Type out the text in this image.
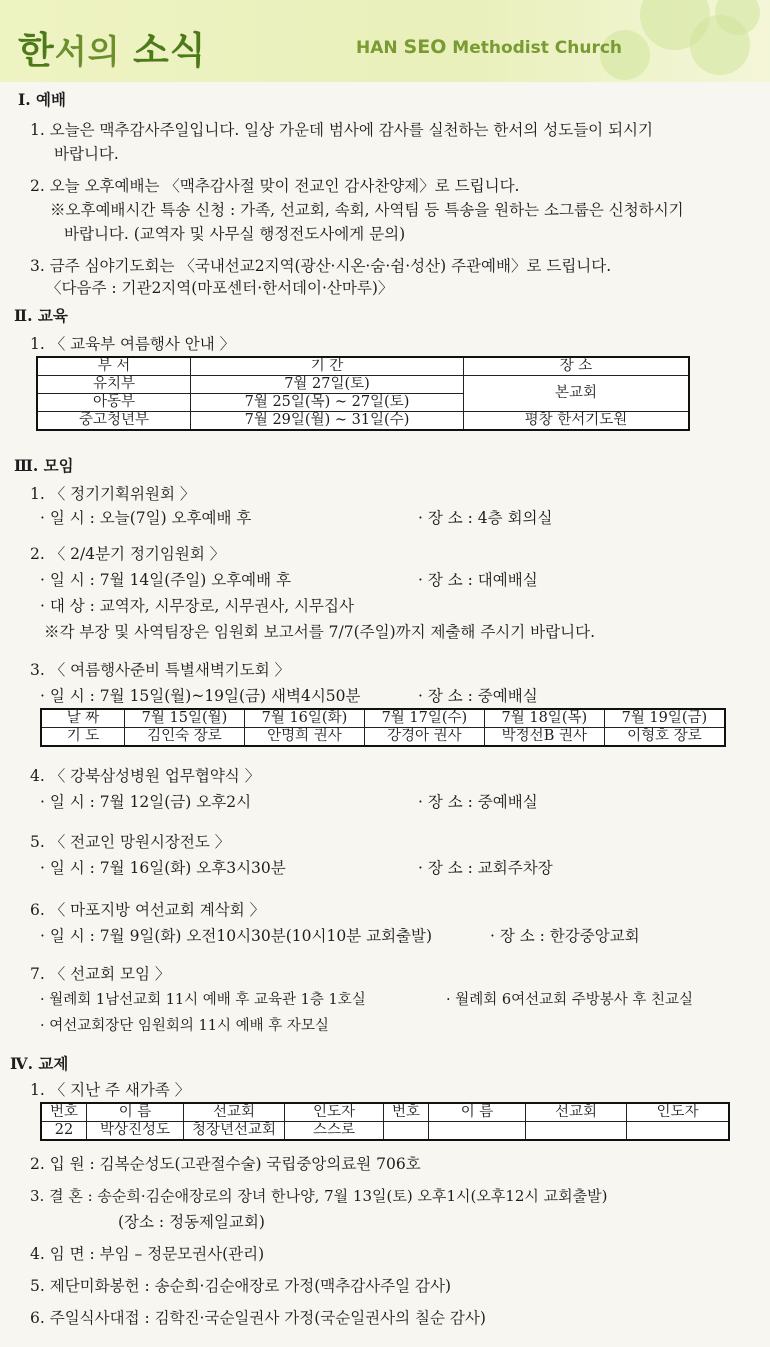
한서의 소식	HAN SEO Methodist Church
Ⅰ. 예배
1. 오늘은 맥추감사주일입니다. 일상 가운데 범사에 감사를 실천하는 한서의 성도들이 되시기
바랍니다.
2. 오늘 오후예배는 〈맥추감사절 맞이 전교인 감사찬양제〉로 드립니다.
※오후예배시간 특송 신청 : 가족, 선교회, 속회, 사역팀 등 특송을 원하는 소그룹은 신청하시기
바랍니다. (교역자 및 사무실 행정전도사에게 문의)
3. 금주 심야기도회는 〈국내선교2지역(광산·시온·숨·쉼·성산) 주관예배〉로 드립니다.
〈다음주 : 기관2지역(마포센터·한서데이·산마루)〉
Ⅱ. 교육
1. 〈 교육부 여름행사 안내 〉
부 서	기 간	장 소
유치부	7월 27일(토)	본교회
아동부	7월 25일(목) ~ 27일(토)	
중고청년부	7월 29일(월) ~ 31일(수)	평창 한서기도원
Ⅲ. 모임
1. 〈 정기기획위원회 〉
· 일 시 : 오늘(7일) 오후예배 후	· 장 소 : 4층 회의실
2. 〈 2/4분기 정기임원회 〉
· 일 시 : 7월 14일(주일) 오후예배 후	· 장 소 : 대예배실
· 대 상 : 교역자, 시무장로, 시무권사, 시무집사
※각 부장 및 사역팀장은 임원회 보고서를 7/7(주일)까지 제출해 주시기 바랍니다.
3. 〈 여름행사준비 특별새벽기도회 〉
· 일 시 : 7월 15일(월)~19일(금) 새벽4시50분	· 장 소 : 중예배실
날 짜	7월 15일(월)	7월 16일(화)	7월 17일(수)	7월 18일(목)	7월 19일(금)
기 도	김인숙 장로	안명희 권사	강경아 권사	박정선B 권사	이형호 장로
4. 〈 강북삼성병원 업무협약식 〉
· 일 시 : 7월 12일(금) 오후2시	· 장 소 : 중예배실
5. 〈 전교인 망원시장전도 〉
· 일 시 : 7월 16일(화) 오후3시30분	· 장 소 : 교회주차장
6. 〈 마포지방 여선교회 계삭회 〉
· 일 시 : 7월 9일(화) 오전10시30분(10시10분 교회출발)	· 장 소 : 한강중앙교회
7. 〈 선교회 모임 〉
· 월례회 1남선교회 11시 예배 후 교육관 1층 1호실	· 월례회 6여선교회 주방봉사 후 친교실
· 여선교회장단 임원회의 11시 예배 후 자모실
Ⅳ. 교제
1. 〈 지난 주 새가족 〉
번호	이 름	선교회	인도자	번호	이 름	선교회	인도자
22	박상진성도	청장년선교회	스스로				
2. 입 원 : 김복순성도(고관절수술) 국립중앙의료원 706호
3. 결 혼 : 송순희·김순애장로의 장녀 한나양, 7월 13일(토) 오후1시(오후12시 교회출발)
(장소 : 정동제일교회)
4. 임 면 : 부임 – 정문모권사(관리)
5. 제단미화봉헌 : 송순희·김순애장로 가정(맥추감사주일 감사)
6. 주일식사대접 : 김학진·국순일권사 가정(국순일권사의 칠순 감사)
